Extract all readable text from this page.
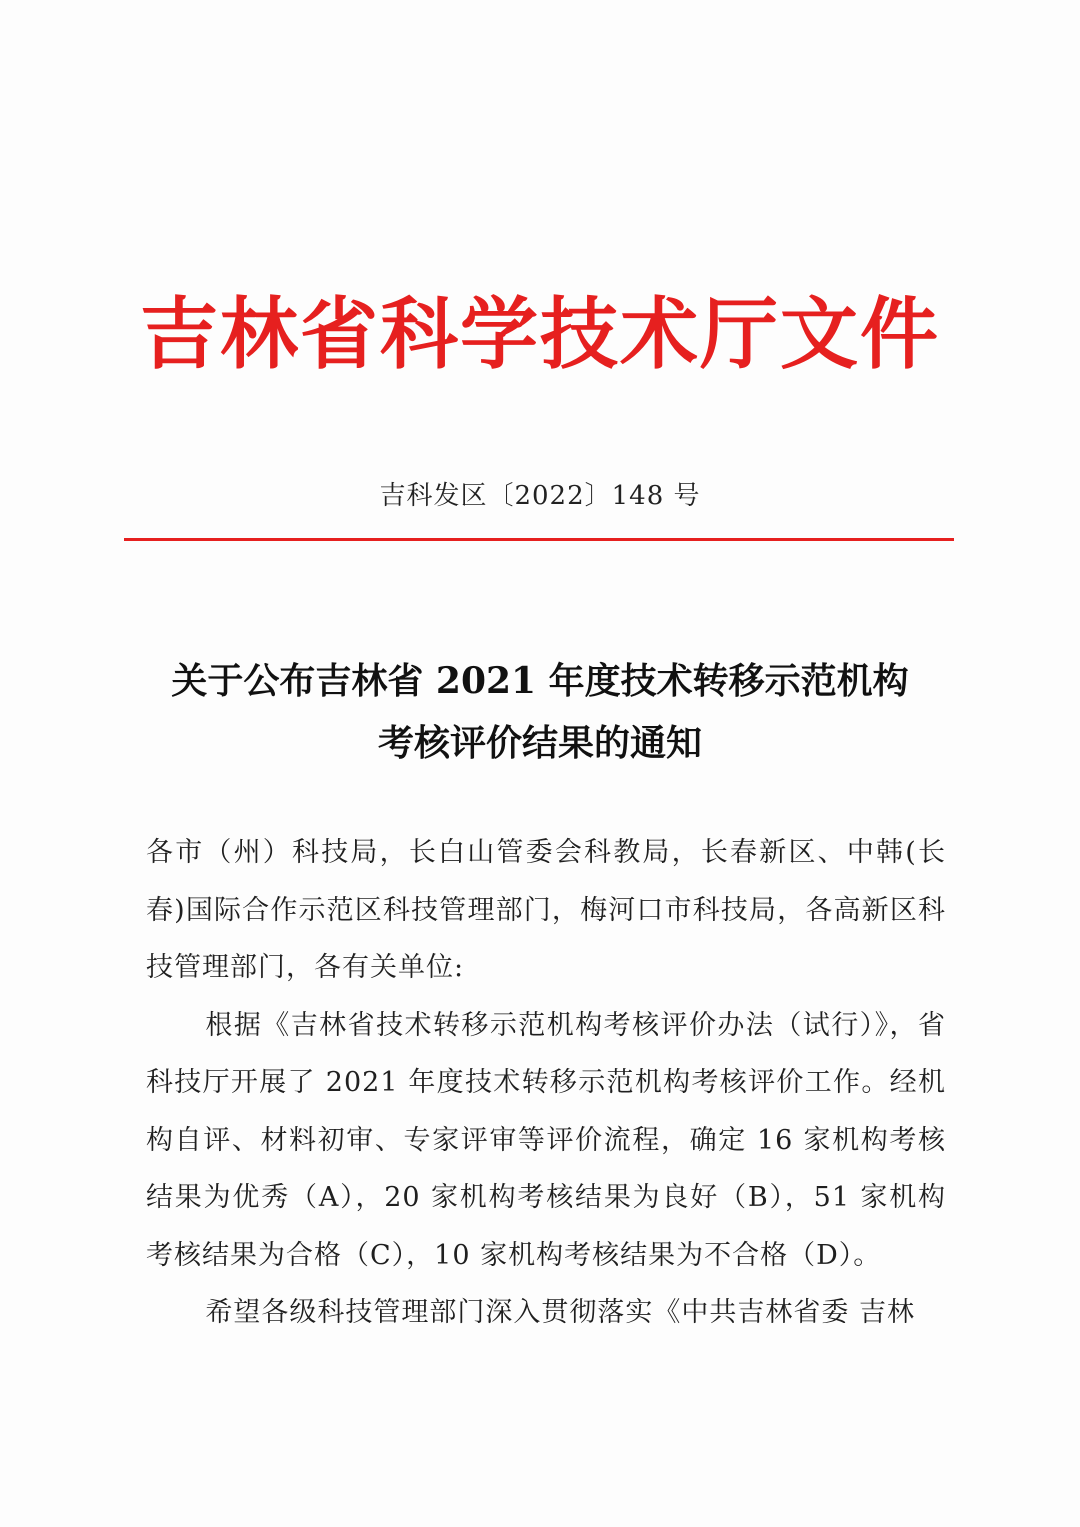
吉林省科学技术厅文件
吉科发区〔2022〕148 号
关于公布吉林省 2021 年度技术转移示范机构
考核评价结果的通知

各市（州）科技局，长白山管委会科教局，长春新区、中韩(长春)国际合作示范区科技管理部门，梅河口市科技局，各高新区科技管理部门，各有关单位:

根据《吉林省技术转移示范机构考核评价办法（试行）》，省科技厅开展了 2021 年度技术转移示范机构考核评价工作。经机构自评、材料初审、专家评审等评价流程，确定 16 家机构考核结果为优秀（A），20 家机构考核结果为良好（B），51 家机构考核结果为合格（C），10 家机构考核结果为不合格（D）。

希望各级科技管理部门深入贯彻落实《中共吉林省委 吉林
